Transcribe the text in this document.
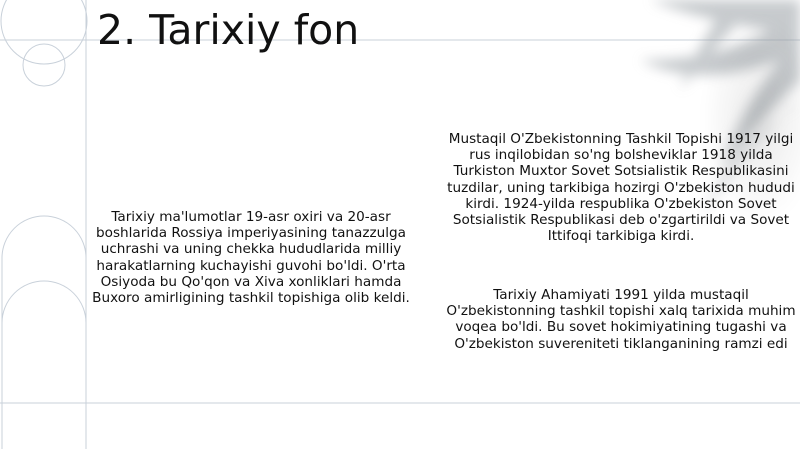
2. Tarixiy fon
Tarixiy ma'lumotlar 19-asr oxiri va 20-asr boshlarida Rossiya imperiyasining tanazzulga uchrashi va uning chekka hududlarida milliy harakatlarning kuchayishi guvohi bo'ldi. O'rta Osiyoda bu Qo'qon va Xiva xonliklari hamda Buxoro amirligining tashkil topishiga olib keldi.
Mustaqil O'Zbekistonning Tashkil Topishi 1917 yilgi rus inqilobidan so'ng bolsheviklar 1918 yilda Turkiston Muxtor Sovet Sotsialistik Respublikasini tuzdilar, uning tarkibiga hozirgi O'zbekiston hududi kirdi. 1924-yilda respublika O'zbekiston Sovet Sotsialistik Respublikasi deb o'zgartirildi va Sovet Ittifoqi tarkibiga kirdi.
Tarixiy Ahamiyati 1991 yilda mustaqil O'zbekistonning tashkil topishi xalq tarixida muhim voqea bo'ldi. Bu sovet hokimiyatining tugashi va O'zbekiston suvereniteti tiklanganining ramzi edi
